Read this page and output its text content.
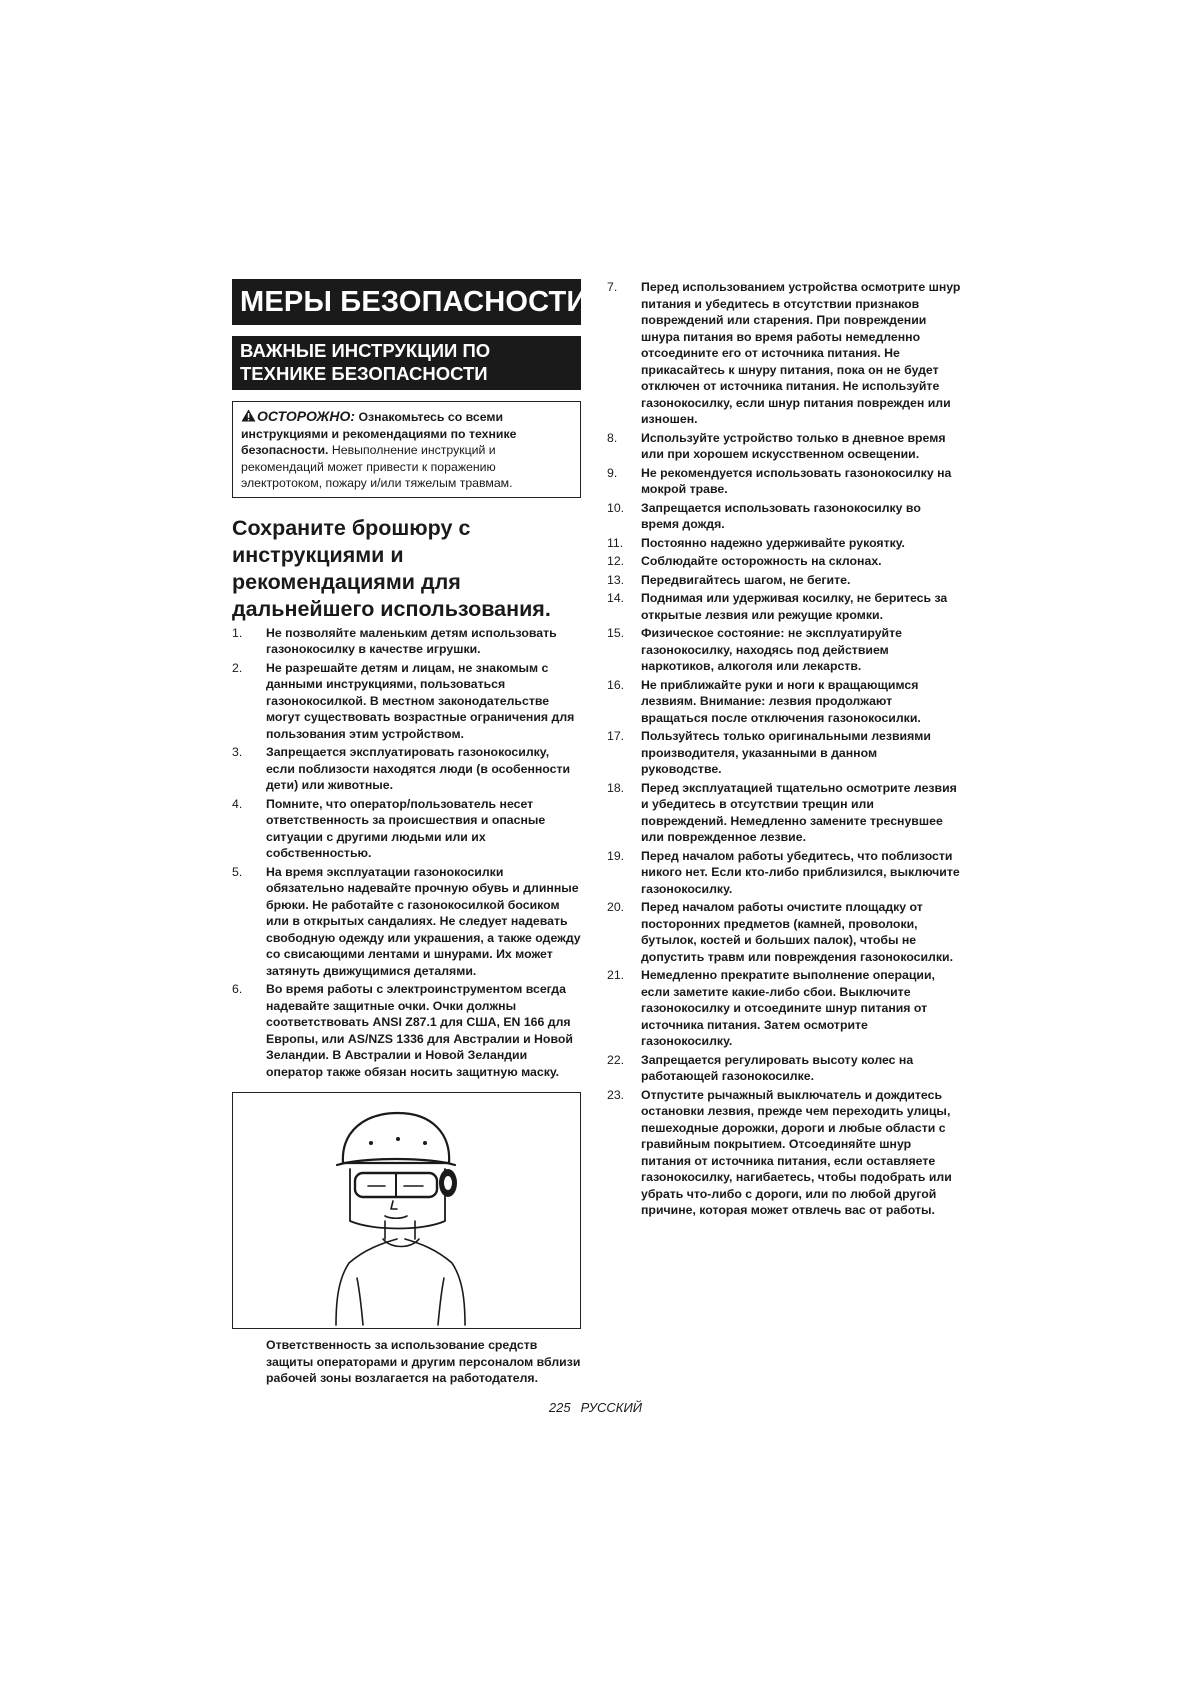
МЕРЫ БЕЗОПАСНОСТИ
ВАЖНЫЕ ИНСТРУКЦИИ ПО ТЕХНИКЕ БЕЗОПАСНОСТИ
ОСТОРОЖНО: Ознакомьтесь со всеми инструкциями и рекомендациями по технике безопасности. Невыполнение инструкций и рекомендаций может привести к поражению электротоком, пожару и/или тяжелым травмам.
Сохраните брошюру с инструкциями и рекомендациями для дальнейшего использования.
1.	Не позволяйте маленьким детям использовать газонокосилку в качестве игрушки.
2.	Не разрешайте детям и лицам, не знакомым с данными инструкциями, пользоваться газонокосилкой. В местном законодательстве могут существовать возрастные ограничения для пользования этим устройством.
3.	Запрещается эксплуатировать газонокосилку, если поблизости находятся люди (в особенности дети) или животные.
4.	Помните, что оператор/пользователь несет ответственность за происшествия и опасные ситуации с другими людьми или их собственностью.
5.	На время эксплуатации газонокосилки обязательно надевайте прочную обувь и длинные брюки. Не работайте с газонокосилкой босиком или в открытых сандалиях. Не следует надевать свободную одежду или украшения, а также одежду со свисающими лентами и шнурами. Их может затянуть движущимися деталями.
6.	Во время работы с электроинструментом всегда надевайте защитные очки. Очки должны соответствовать ANSI Z87.1 для США, EN 166 для Европы, или AS/NZS 1336 для Австралии и Новой Зеландии. В Австралии и Новой Зеландии оператор также обязан носить защитную маску.
Ответственность за использование средств защиты операторами и другим персоналом вблизи рабочей зоны возлагается на работодателя.
7.	Перед использованием устройства осмотрите шнур питания и убедитесь в отсутствии признаков повреждений или старения. При повреждении шнура питания во время работы немедленно отсоедините его от источника питания. Не прикасайтесь к шнуру питания, пока он не будет отключен от источника питания. Не используйте газонокосилку, если шнур питания поврежден или изношен.
8.	Используйте устройство только в дневное время или при хорошем искусственном освещении.
9.	Не рекомендуется использовать газонокосилку на мокрой траве.
10.	Запрещается использовать газонокосилку во время дождя.
11.	Постоянно надежно удерживайте рукоятку.
12.	Соблюдайте осторожность на склонах.
13.	Передвигайтесь шагом, не бегите.
14.	Поднимая или удерживая косилку, не беритесь за открытые лезвия или режущие кромки.
15.	Физическое состояние: не эксплуатируйте газонокосилку, находясь под действием наркотиков, алкоголя или лекарств.
16.	Не приближайте руки и ноги к вращающимся лезвиям. Внимание: лезвия продолжают вращаться после отключения газонокосилки.
17.	Пользуйтесь только оригинальными лезвиями производителя, указанными в данном руководстве.
18.	Перед эксплуатацией тщательно осмотрите лезвия и убедитесь в отсутствии трещин или повреждений. Немедленно замените треснувшее или поврежденное лезвие.
19.	Перед началом работы убедитесь, что поблизости никого нет. Если кто-либо приблизился, выключите газонокосилку.
20.	Перед началом работы очистите площадку от посторонних предметов (камней, проволоки, бутылок, костей и больших палок), чтобы не допустить травм или повреждения газонокосилки.
21.	Немедленно прекратите выполнение операции, если заметите какие-либо сбои. Выключите газонокосилку и отсоедините шнур питания от источника питания. Затем осмотрите газонокосилку.
22.	Запрещается регулировать высоту колес на работающей газонокосилке.
23.	Отпустите рычажный выключатель и дождитесь остановки лезвия, прежде чем переходить улицы, пешеходные дорожки, дороги и любые области с гравийным покрытием. Отсоединяйте шнур питания от источника питания, если оставляете газонокосилку, нагибаетесь, чтобы подобрать или убрать что-либо с дороги, или по любой другой причине, которая может отвлечь вас от работы.
225 РУССКИЙ
